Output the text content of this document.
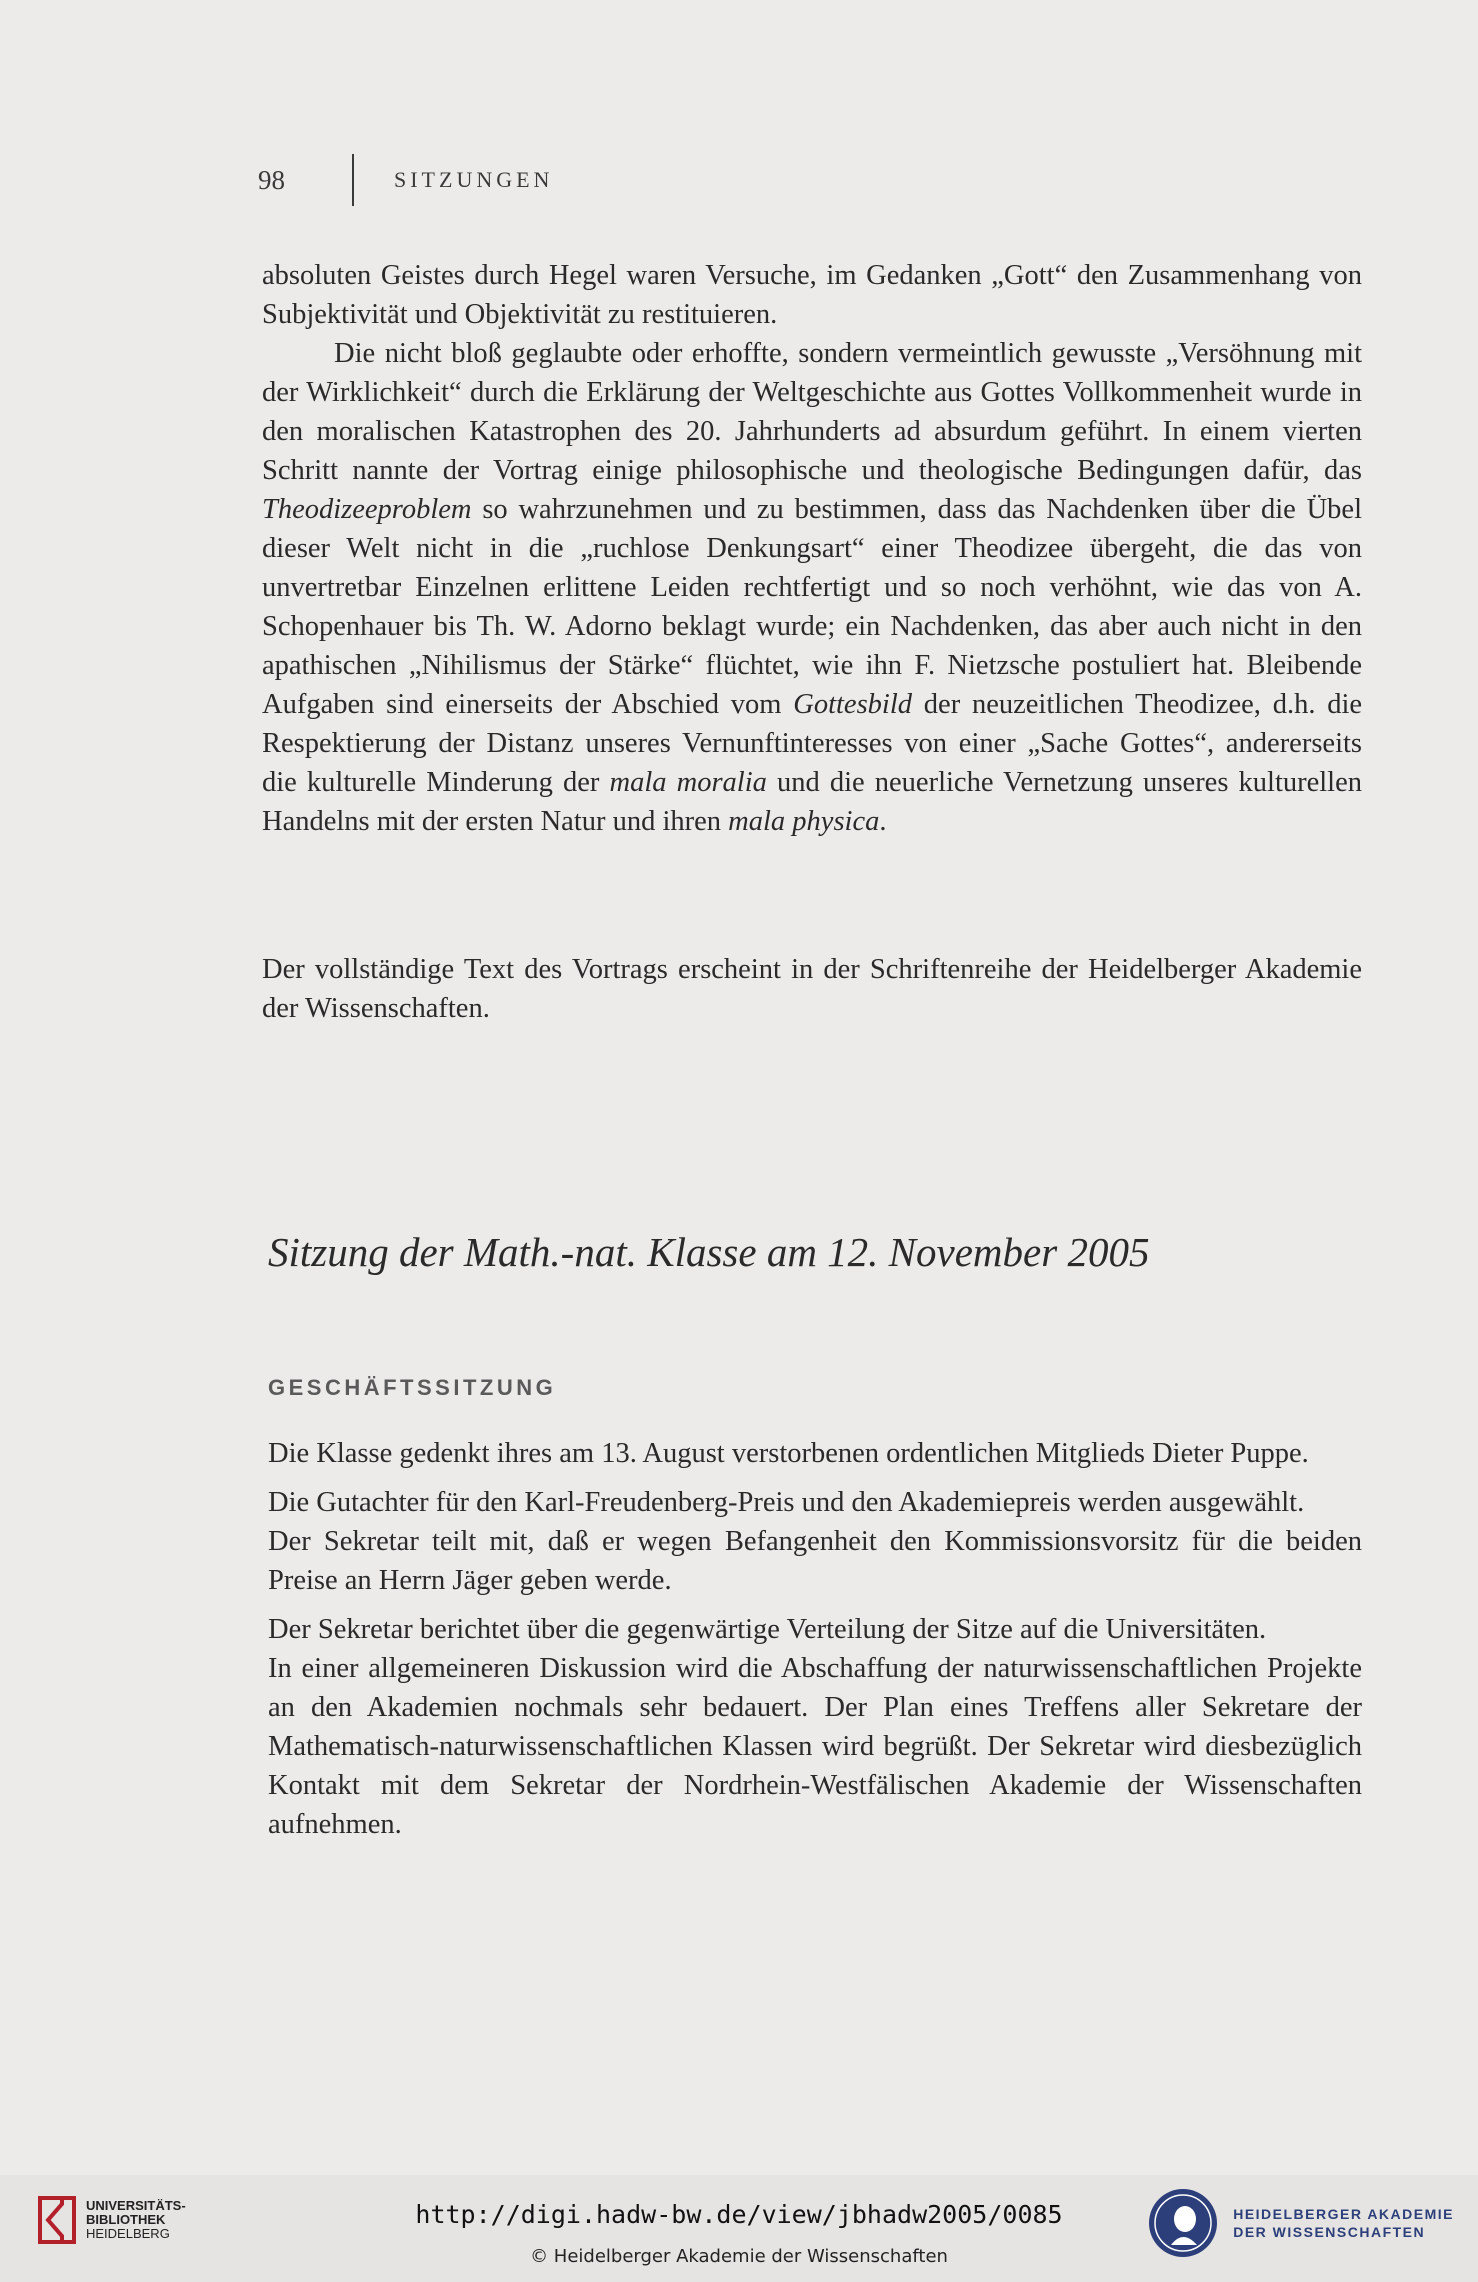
98	SITZUNGEN

absoluten Geistes durch Hegel waren Versuche, im Gedanken „Gott“ den Zusammenhang von Subjektivität und Objektivität zu restituieren.

Die nicht bloß geglaubte oder erhoffte, sondern vermeintlich gewusste „Versöhnung mit der Wirklichkeit“ durch die Erklärung der Weltgeschichte aus Gottes Vollkommenheit wurde in den moralischen Katastrophen des 20. Jahrhunderts ad absurdum geführt. In einem vierten Schritt nannte der Vortrag einige philosophische und theologische Bedingungen dafür, das Theodizeeproblem so wahrzunehmen und zu bestimmen, dass das Nachdenken über die Übel dieser Welt nicht in die „ruchlose Denkungsart“ einer Theodizee übergeht, die das von unvertretbar Einzelnen erlittene Leiden rechtfertigt und so noch verhöhnt, wie das von A. Schopenhauer bis Th. W. Adorno beklagt wurde; ein Nachdenken, das aber auch nicht in den apathischen „Nihilismus der Stärke“ flüchtet, wie ihn F. Nietzsche postuliert hat. Bleibende Aufgaben sind einerseits der Abschied vom Gottesbild der neuzeitlichen Theodizee, d.h. die Respektierung der Distanz unseres Vernunftinteresses von einer „Sache Gottes“, andererseits die kulturelle Minderung der mala moralia und die neuerliche Vernetzung unseres kulturellen Handelns mit der ersten Natur und ihren mala physica.

Der vollständige Text des Vortrags erscheint in der Schriftenreihe der Heidelberger Akademie der Wissenschaften.

Sitzung der Math.-nat. Klasse am 12. November 2005
GESCHÄFTSSITZUNG

Die Klasse gedenkt ihres am 13. August verstorbenen ordentlichen Mitglieds Dieter Puppe.

Die Gutachter für den Karl-Freudenberg-Preis und den Akademiepreis werden ausgewählt.

Der Sekretar teilt mit, daß er wegen Befangenheit den Kommissionsvorsitz für die beiden Preise an Herrn Jäger geben werde.

Der Sekretar berichtet über die gegenwärtige Verteilung der Sitze auf die Universitäten.

In einer allgemeineren Diskussion wird die Abschaffung der naturwissenschaftlichen Projekte an den Akademien nochmals sehr bedauert. Der Plan eines Treffens aller Sekretare der Mathematisch-naturwissenschaftlichen Klassen wird begrüßt. Der Sekretar wird diesbezüglich Kontakt mit dem Sekretar der Nordrhein-Westfälischen Akademie der Wissenschaften aufnehmen.

UNIVERSITÄTS-
BIBLIOTHEK
HEIDELBERG
http://digi.hadw-bw.de/view/jbhadw2005/0085
© Heidelberger Akademie der Wissenschaften
HEIDELBERGER AKADEMIE
DER WISSENSCHAFTEN
